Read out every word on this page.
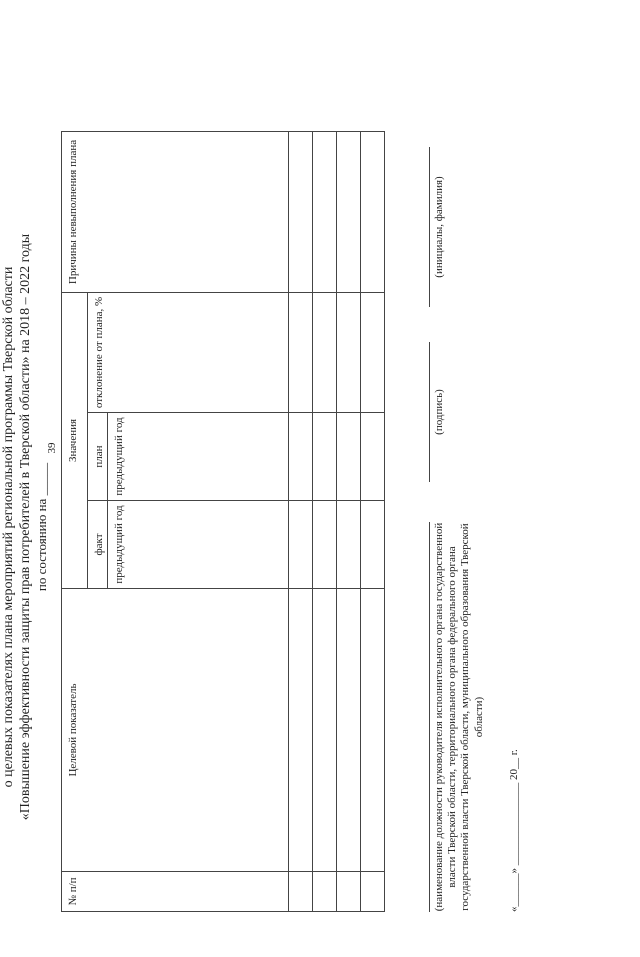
39
о целевых показателях плана мероприятий региональной программы Тверской области «Повышение эффективности защиты прав потребителей в Тверской области» на 2018 – 2022 годы по состоянию на _____
№ п/п	Целевой показатель	Значения			Причины невыполнения плана
		факт	план	отклонение от плана, %	
		предыдущий год	предыдущий год		

(наименование должности руководителя исполнительного органа государственной власти Тверской области, территориального органа федерального органа государственной власти Тверской области, муниципального образования Тверской области)
(подпись)
(инициалы, фамилия)
«______» _______________ 20__ г.
